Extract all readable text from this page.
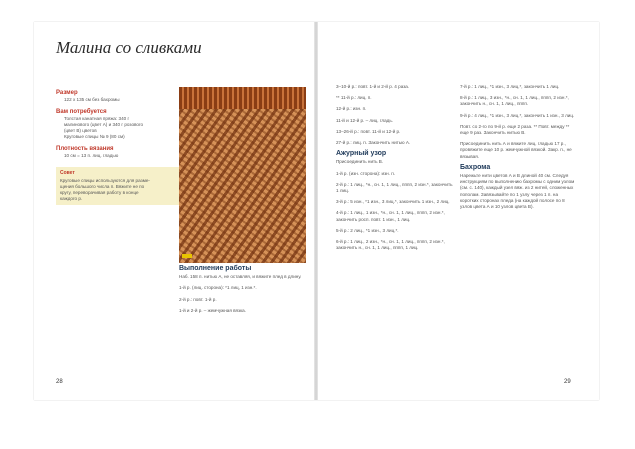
Малина со сливками
Размер

122 х 135 см без бахромы

Вам потребуется

Толстая канатная пряжа: 340 г

малинового (цвет А) и 340 г розового

(цвет В) цветов

Круговые спицы № 9 (80 см)

Плотность вязания

10 см = 13 п. лиц. гладью

Совет
Круговые спицы используются для разме-
щения большого числа п. Вяжите не по
кругу, переворачивая работу в конце
каждого р.
Выполнение работы

Наб. 158 п. нитью А, не оставляя, и вяжите плед в длину.

1-й р. (лиц. сторона): *1 лиц, 1 изн.*.

2-й р.: повт. 1-й р.

1-й и 2-й р. – жемчужная вязка.

28

3–10-й р.: повт. 1-й и 2-й р. 4 раза.

** 11-й р.: лиц. п.

12-й р.: изн. п.

11-й и 12-й р. – лиц. гладь.

13–26-й р.: повт. 11-й и 12-й р.

27-й р.: лиц. п. Закончить нитью А.

Ажурный узор

Присоединить нить В.

1-й р. (изн. сторона): изн. п.

2-й р.: 1 лиц., *н., сн. 1, 1 лиц., пппп, 2 изн.*, закончить 1 лиц.

3-й р.: 5 изн., *1 изн., 3 лиц.*, закончить 1 изн., 2 лиц.

4-й р.: 1 лиц., 1 изн., *н., сн. 1, 1 лиц., пппп, 2 изн.*, закончить росп. повт. 1 изн., 1 лиц.

5-й р.: 2 лиц., *1 изн., 3 лиц.*.

6-й р.: 1 лиц., 2 изн., *н., сн. 1, 1 лиц., пппп, 2 изн.*, закончить н., сн. 1, 1 лиц., пппп, 1 лиц.

7-й р.: 1 лиц., *1 изн., 3 лиц.*, закончить 1 лиц.

8-й р.: 1 лиц., 3 изн., *н., сн. 1, 1 лиц., пппп, 2 изн.*, закончить н., сн. 1, 1 лиц., пппп.

9-й р.: 4 лиц., *1 изн., 3 лиц.*, закончить 1 изн., 3 лиц.

Повт. со 2-го по 9-й р. еще 2 раза. ** Повт. между ** еще 9 раз. Закончить нитью В.

Присоединить нить А и вяжите лиц. гладью 17 р., провяжите еще 10 р. жемчужной вязкой. Закр. п., не вязывая.

Бахрома

Нарежьте нити цветов А и В длиной 40 см. Следуя инструкциям по выполнению бахромы с одним узлом (см. с. 140), каждый узел вяж. из 2 нитей, сложенных пополам. Завязывайте по 1 узлу через 1 п. на коротких сторонах пледа (на каждой полосе по 8 узлов цвета А и 10 узлов цвета В).

29
